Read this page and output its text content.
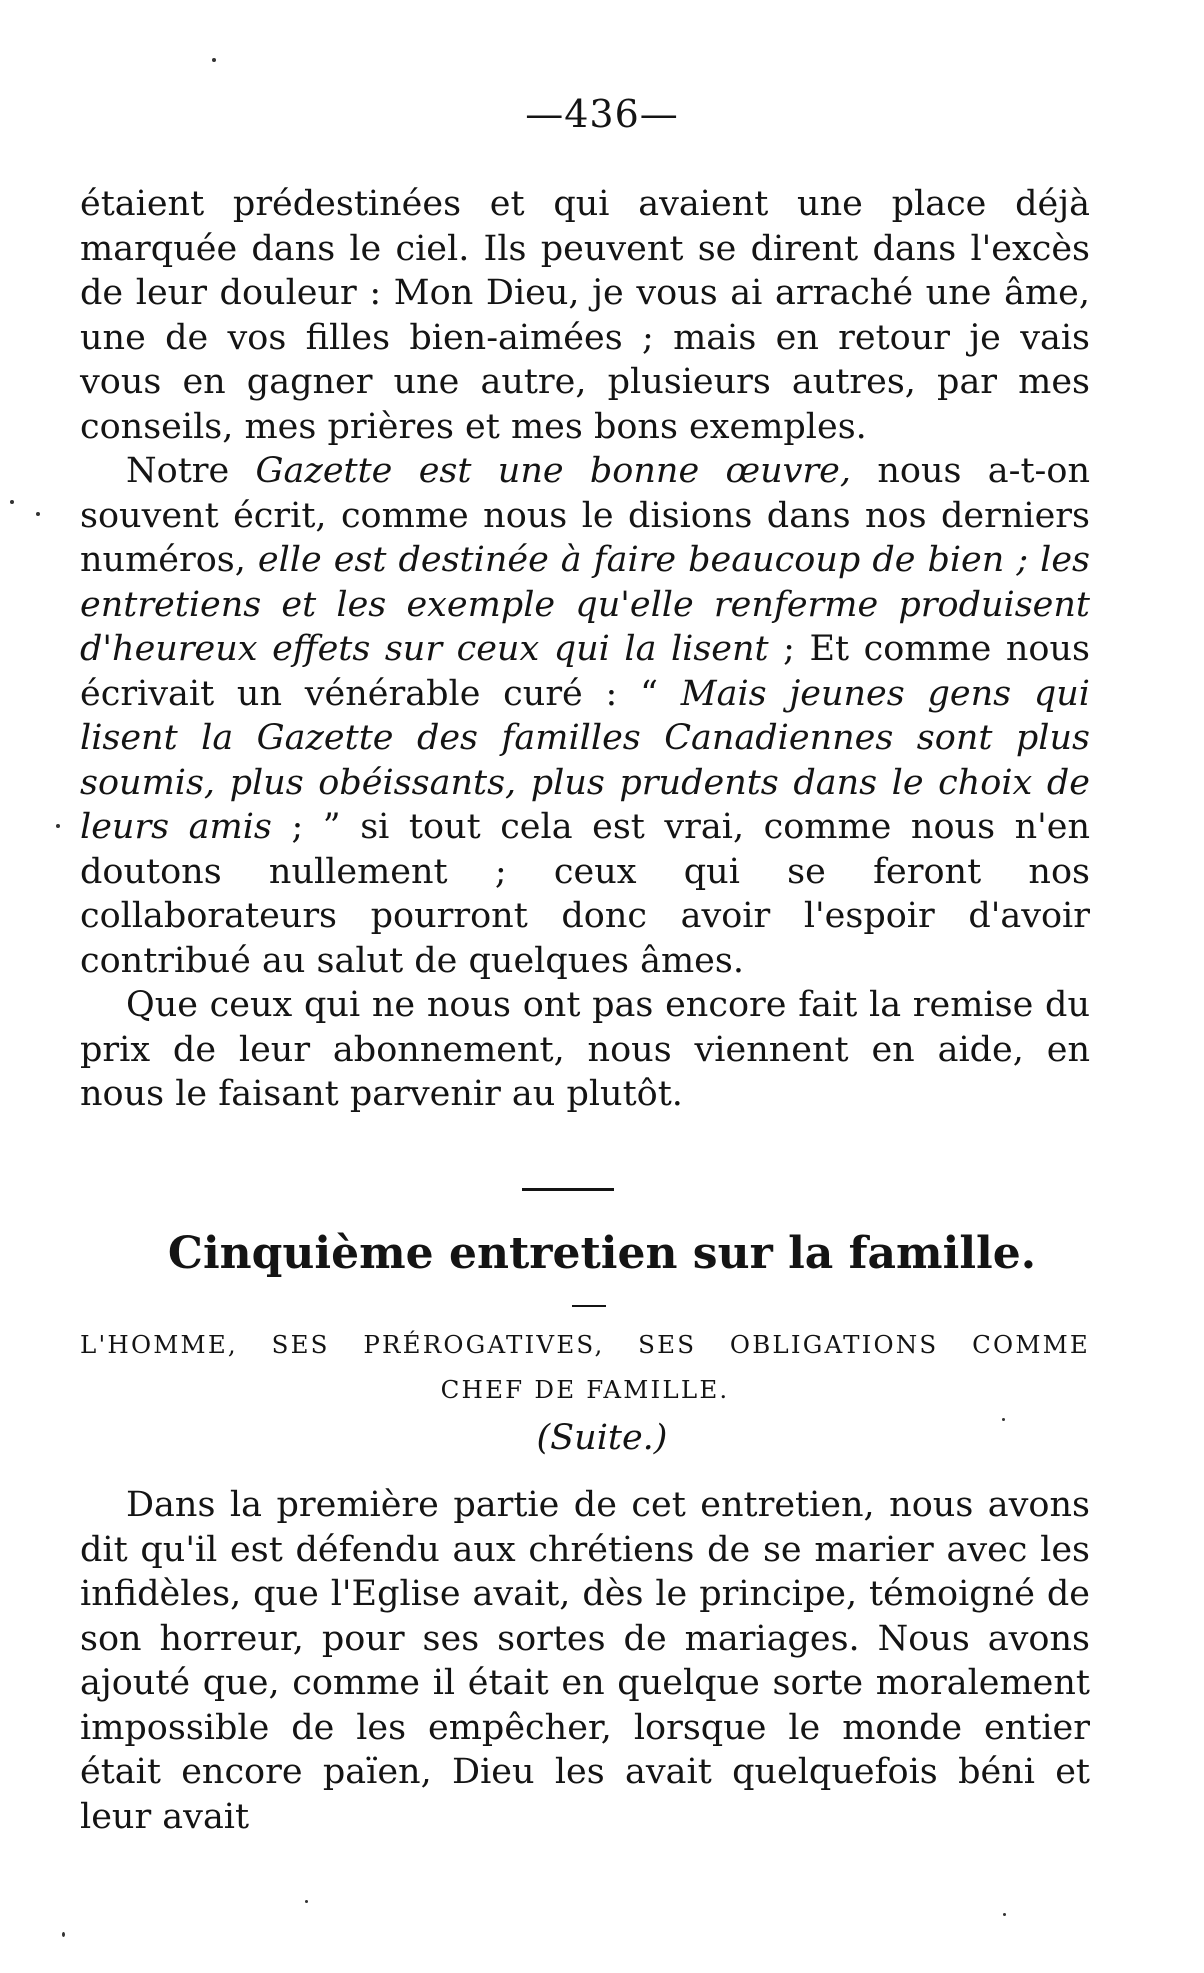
—436—

étaient prédestinées et qui avaient une place déjà marquée dans le ciel. Ils peuvent se dirent dans l'excès de leur douleur : Mon Dieu, je vous ai arraché une âme, une de vos filles bien-aimées ; mais en retour je vais vous en gagner une autre, plusieurs autres, par mes conseils, mes prières et mes bons exemples.

Notre Gazette est une bonne œuvre, nous a-t-on souvent écrit, comme nous le disions dans nos derniers numéros, elle est destinée à faire beaucoup de bien ; les entretiens et les exemple qu'elle renferme produisent d'heureux effets sur ceux qui la lisent ; Et comme nous écrivait un vénérable curé : “ Mais jeunes gens qui lisent la Gazette des familles Canadiennes sont plus soumis, plus obéissants, plus prudents dans le choix de leurs amis ; ” si tout cela est vrai, comme nous n'en doutons nullement ; ceux qui se feront nos collaborateurs pourront donc avoir l'espoir d'avoir contribué au salut de quelques âmes.

Que ceux qui ne nous ont pas encore fait la remise du prix de leur abonnement, nous viennent en aide, en nous le faisant parvenir au plutôt.

Cinquième entretien sur la famille.
L'HOMME, SES PRÉROGATIVES, SES OBLIGATIONS COMME
CHEF DE FAMILLE.
(Suite.)

Dans la première partie de cet entretien, nous avons dit qu'il est défendu aux chrétiens de se marier avec les infidèles, que l'Eglise avait, dès le principe, témoigné de son horreur, pour ses sortes de mariages. Nous avons ajouté que, comme il était en quelque sorte moralement impossible de les empêcher, lorsque le monde entier était encore païen, Dieu les avait quelquefois béni et leur avait
